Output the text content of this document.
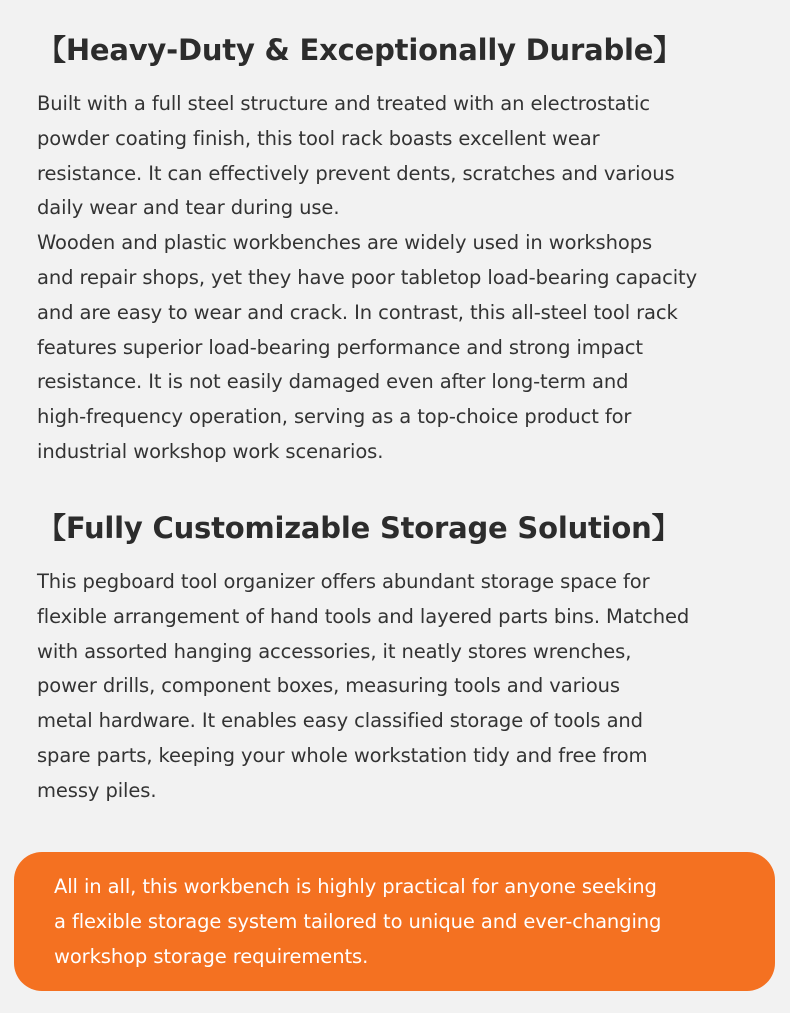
【Heavy-Duty & Exceptionally Durable】
Built with a full steel structure and treated with an electrostatic
powder coating finish, this tool rack boasts excellent wear
resistance. It can effectively prevent dents, scratches and various
daily wear and tear during use.
Wooden and plastic workbenches are widely used in workshops
and repair shops, yet they have poor tabletop load-bearing capacity
and are easy to wear and crack. In contrast, this all-steel tool rack
features superior load-bearing performance and strong impact
resistance. It is not easily damaged even after long-term and
high-frequency operation, serving as a top-choice product for
industrial workshop work scenarios.
【Fully Customizable Storage Solution】
This pegboard tool organizer offers abundant storage space for
flexible arrangement of hand tools and layered parts bins. Matched
with assorted hanging accessories, it neatly stores wrenches,
power drills, component boxes, measuring tools and various
metal hardware. It enables easy classified storage of tools and
spare parts, keeping your whole workstation tidy and free from
messy piles.
All in all, this workbench is highly practical for anyone seeking
a flexible storage system tailored to unique and ever-changing
workshop storage requirements.
